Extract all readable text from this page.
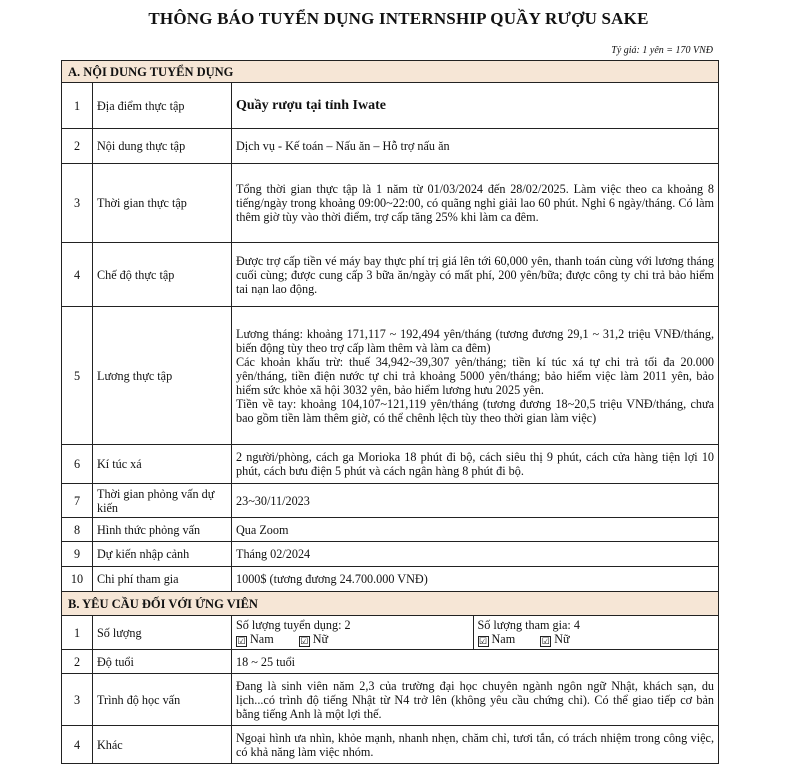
THÔNG BÁO TUYỂN DỤNG INTERNSHIP QUẦY RƯỢU SAKE
Tỷ giá: 1 yên = 170 VNĐ
A. NỘI DUNG TUYỂN DỤNG		
1	Địa điểm thực tập	Quầy rượu tại tỉnh Iwate
2	Nội dung thực tập	Dịch vụ - Kế toán – Nấu ăn – Hỗ trợ nấu ăn
3	Thời gian thực tập	Tổng thời gian thực tập là 1 năm từ 01/03/2024 đến 28/02/2025. Làm việc theo ca khoảng 8 tiếng/ngày trong khoảng 09:00~22:00, có quãng nghỉ giải lao 60 phút. Nghỉ 6 ngày/tháng. Có làm thêm giờ tùy vào thời điểm, trợ cấp tăng 25% khi làm ca đêm.
4	Chế độ thực tập	Được trợ cấp tiền vé máy bay thực phí trị giá lên tới 60,000 yên, thanh toán cùng với lương tháng cuối cùng; được cung cấp 3 bữa ăn/ngày có mất phí, 200 yên/bữa; được công ty chi trả bảo hiểm tai nạn lao động.
5	Lương thực tập	Lương tháng: khoảng 171,117 ~ 192,494 yên/tháng (tương đương 29,1 ~ 31,2 triệu VNĐ/tháng, biến động tùy theo trợ cấp làm thêm và làm ca đêm)
Các khoản khấu trừ: thuế 34,942~39,307 yên/tháng; tiền kí túc xá tự chi trả tối đa 20.000 yên/tháng, tiền điện nước tự chi trả khoảng 5000 yên/tháng; bảo hiểm việc làm 2011 yên, bảo hiểm sức khỏe xã hội 3032 yên, bảo hiểm lương hưu 2025 yên.
Tiền về tay: khoảng 104,107~121,119 yên/tháng (tương đương 18~20,5 triệu VNĐ/tháng, chưa bao gồm tiền làm thêm giờ, có thể chênh lệch tùy theo thời gian làm việc)

6	Kí túc xá	2 người/phòng, cách ga Morioka 18 phút đi bộ, cách siêu thị 9 phút, cách cửa hàng tiện lợi 10 phút, cách bưu điện 5 phút và cách ngân hàng 8 phút đi bộ.
7	Thời gian phỏng vấn dự kiến	23~30/11/2023
8	Hình thức phỏng vấn	Qua Zoom
9	Dự kiến nhập cảnh	Tháng 02/2024
10	Chi phí tham gia	1000$ (tương đương 24.700.000 VNĐ)
B. YÊU CẦU ĐỐI VỚI ỨNG VIÊN		
1	Số lượng	Số lượng tuyển dụng: 2
☑ Nam ☑ Nữ
Số lượng tham gia: 4
☑ Nam ☑ Nữ

2	Độ tuổi	18 ~ 25 tuổi
3	Trình độ học vấn	Đang là sinh viên năm 2,3 của trường đại học chuyên ngành ngôn ngữ Nhật, khách sạn, du lịch...có trình độ tiếng Nhật từ N4 trở lên (không yêu cầu chứng chỉ). Có thể giao tiếp cơ bản bằng tiếng Anh là một lợi thế.
4	Khác	Ngoại hình ưa nhìn, khỏe mạnh, nhanh nhẹn, chăm chỉ, tươi tắn, có trách nhiệm trong công việc, có khả năng làm việc nhóm.
